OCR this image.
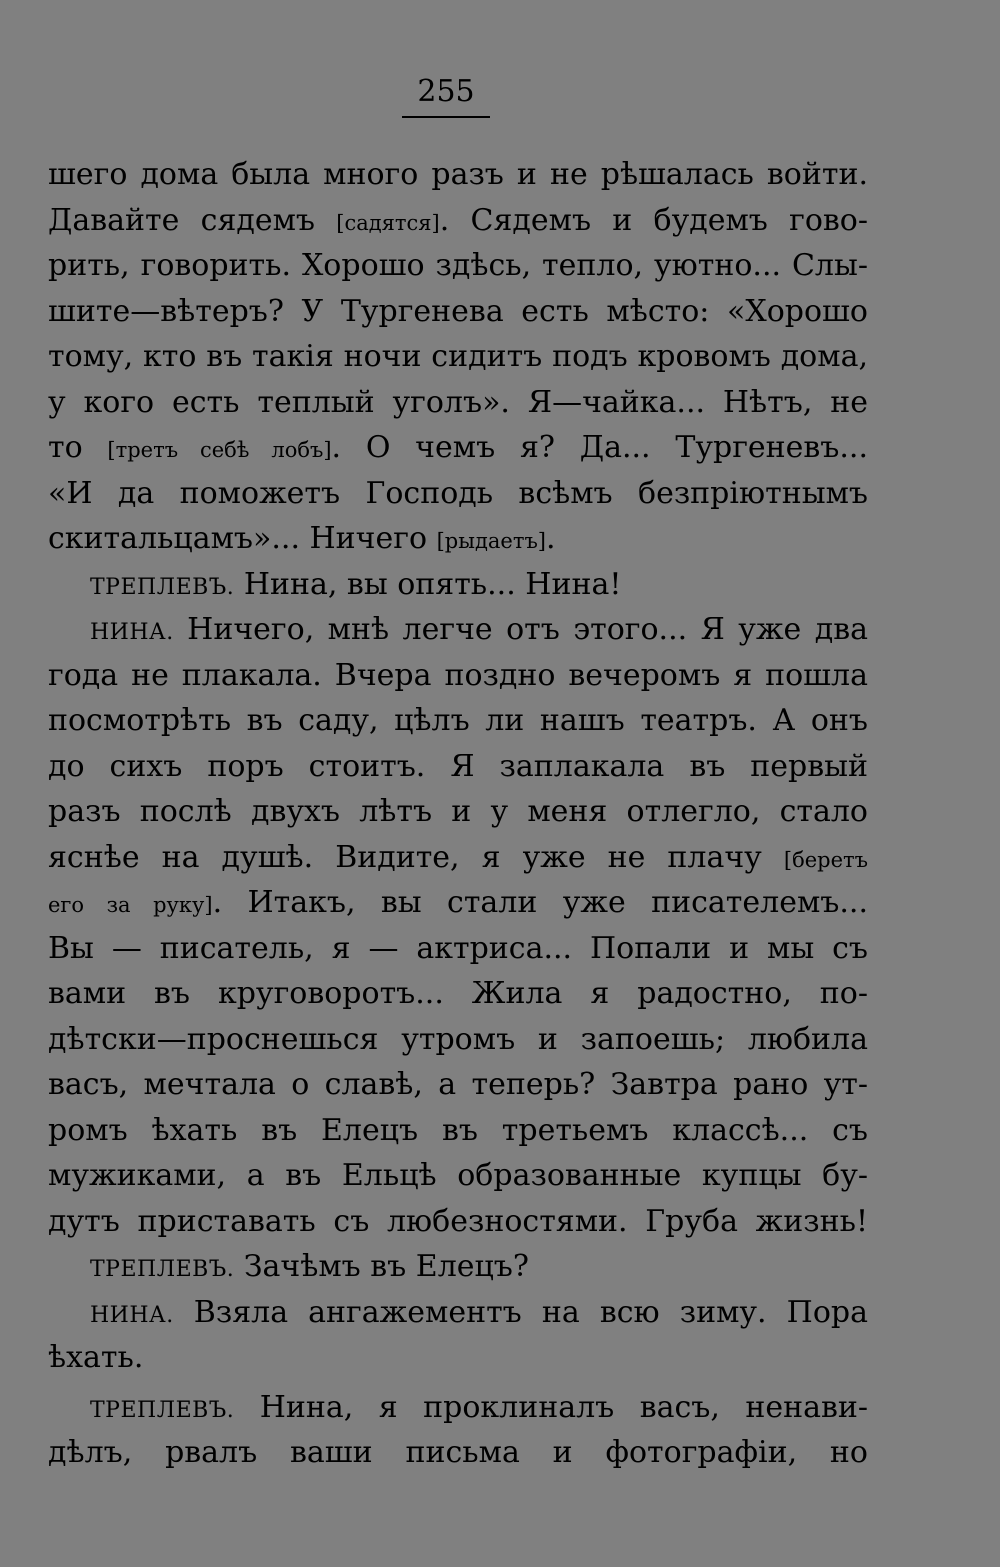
255
шего дома была много разъ и не рѣшалась войти.
Давайте сядемъ [садятся]. Сядемъ и будемъ гово-
рить, говорить. Хорошо здѣсь, тепло, уютно... Слы-
шите—вѣтеръ? У Тургенева есть мѣсто: «Хорошо
тому, кто въ такія ночи сидитъ подъ кровомъ дома,
у кого есть теплый уголъ». Я—чайка... Нѣтъ, не
то [третъ себѣ лобъ]. О чемъ я? Да... Тургеневъ...
«И да поможетъ Господь всѣмъ безпріютнымъ
скитальцамъ»... Ничего [рыдаетъ].
ТРЕПЛЕВЪ. Нина, вы опять... Нина!
НИНА. Ничего, мнѣ легче отъ этого... Я уже два
года не плакала. Вчера поздно вечеромъ я пошла
посмотрѣть въ саду, цѣлъ ли нашъ театръ. А онъ
до сихъ поръ стоитъ. Я заплакала въ первый
разъ послѣ двухъ лѣтъ и у меня отлегло, стало
яснѣе на душѣ. Видите, я уже не плачу [беретъ
его за руку]. Итакъ, вы стали уже писателемъ...
Вы — писатель, я — актриса... Попали и мы съ
вами въ круговоротъ... Жила я радостно, по-
дѣтски—проснешься утромъ и запоешь; любила
васъ, мечтала о славѣ, а теперь? Завтра рано ут-
ромъ ѣхать въ Елецъ въ третьемъ классѣ... съ
мужиками, а въ Ельцѣ образованные купцы бу-
дутъ приставать съ любезностями. Груба жизнь!
ТРЕПЛЕВЪ. Зачѣмъ въ Елецъ?
НИНА. Взяла ангажементъ на всю зиму. Пора
ѣхать.
ТРЕПЛЕВЪ. Нина, я проклиналъ васъ, ненави-
дѣлъ, рвалъ ваши письма и фотографіи, но
